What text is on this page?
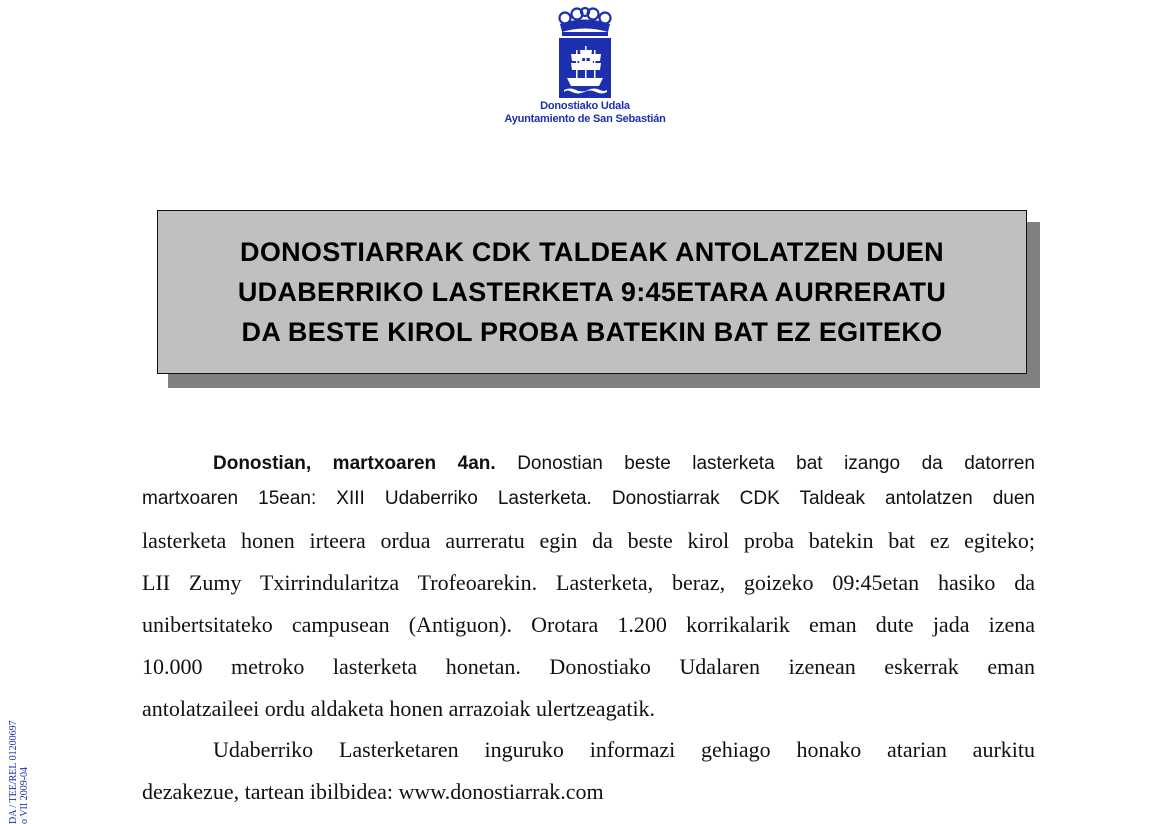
Donostiako Udala
Ayuntamiento de San Sebastián
DONOSTIARRAK CDK TALDEAK ANTOLATZEN DUEN
UDABERRIKO LASTERKETA 9:45ETARA AURRERATU
DA BESTE KIROL PROBA BATEKIN BAT EZ EGITEKO
Donostian, martxoaren 4an. Donostian beste lasterketa bat izango da datorren
martxoaren 15ean: XIII Udaberriko Lasterketa. Donostiarrak CDK Taldeak antolatzen duen
lasterketa honen irteera ordua aurreratu egin da beste kirol proba batekin bat ez egiteko;
LII Zumy Txirrindularitza Trofeoarekin. Lasterketa, beraz, goizeko 09:45etan hasiko da
unibertsitateko campusean (Antiguon). Orotara 1.200 korrikalarik eman dute jada izena
10.000 metroko lasterketa honetan. Donostiako Udalaren izenean eskerrak eman
antolatzaileei ordu aldaketa honen arrazoiak ulertzeagatik.
Udaberriko Lasterketaren inguruko informazi gehiago honako atarian aurkitu
dezakezue, tartean ibilbidea: www.donostiarrak.com
DA / TEE/REL 01200697 o VII 2009-04
